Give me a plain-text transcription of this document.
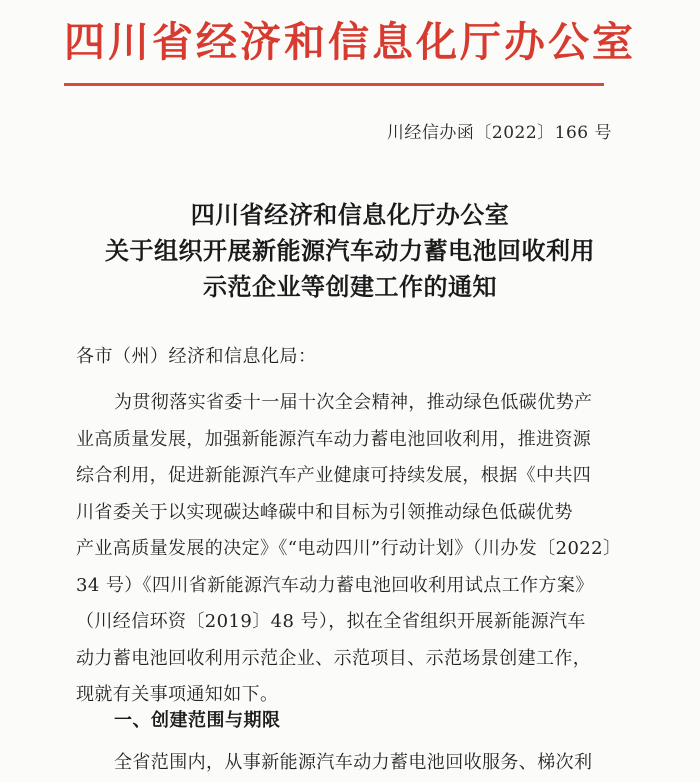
四川省经济和信息化厅办公室
川经信办函〔2022〕166 号
四川省经济和信息化厅办公室
关于组织开展新能源汽车动力蓄电池回收利用
示范企业等创建工作的通知
各市（州）经济和信息化局：
为贯彻落实省委十一届十次全会精神，推动绿色低碳优势产
业高质量发展，加强新能源汽车动力蓄电池回收利用，推进资源
综合利用，促进新能源汽车产业健康可持续发展，根据《中共四
川省委关于以实现碳达峰碳中和目标为引领推动绿色低碳优势
产业高质量发展的决定》《“电动四川”行动计划》（川办发〔2022〕
34 号）《四川省新能源汽车动力蓄电池回收利用试点工作方案》
（川经信环资〔2019〕48 号），拟在全省组织开展新能源汽车
动力蓄电池回收利用示范企业、示范项目、示范场景创建工作，
现就有关事项通知如下。
一、创建范围与期限
全省范围内，从事新能源汽车动力蓄电池回收服务、梯次利
